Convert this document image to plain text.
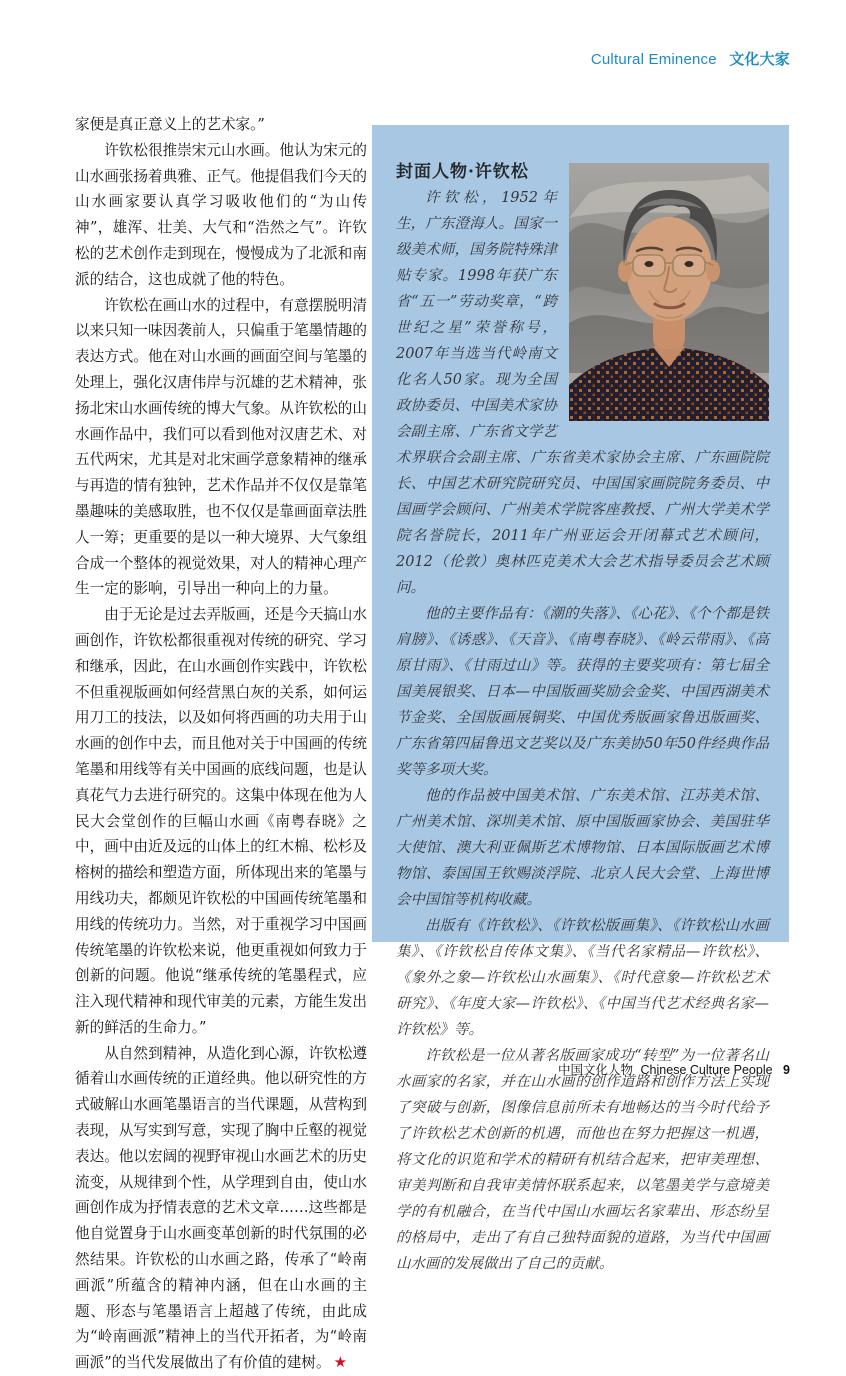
Cultural Eminence 文化大家

家便是真正意义上的艺术家。”

许钦松很推崇宋元山水画。他认为宋元的山水画张扬着典雅、正气。他提倡我们今天的山水画家要认真学习吸收他们的“为山传神”，雄浑、壮美、大气和“浩然之气”。许钦松的艺术创作走到现在，慢慢成为了北派和南派的结合，这也成就了他的特色。

许钦松在画山水的过程中，有意摆脱明清以来只知一味因袭前人，只偏重于笔墨情趣的表达方式。他在对山水画的画面空间与笔墨的处理上，强化汉唐伟岸与沉雄的艺术精神，张扬北宋山水画传统的博大气象。从许钦松的山水画作品中，我们可以看到他对汉唐艺术、对五代两宋，尤其是对北宋画学意象精神的继承与再造的情有独钟，艺术作品并不仅仅是靠笔墨趣味的美感取胜，也不仅仅是靠画面章法胜人一筹；更重要的是以一种大境界、大气象组合成一个整体的视觉效果，对人的精神心理产生一定的影响，引导出一种向上的力量。

由于无论是过去弄版画，还是今天搞山水画创作，许钦松都很重视对传统的研究、学习和继承，因此，在山水画创作实践中，许钦松不但重视版画如何经营黑白灰的关系，如何运用刀工的技法，以及如何将西画的功夫用于山水画的创作中去，而且他对关于中国画的传统笔墨和用线等有关中国画的底线问题，也是认真花气力去进行研究的。这集中体现在他为人民大会堂创作的巨幅山水画《南粤春晓》之中，画中由近及远的山体上的红木棉、松杉及榕树的描绘和塑造方面，所体现出来的笔墨与用线功夫，都颇见许钦松的中国画传统笔墨和用线的传统功力。当然，对于重视学习中国画传统笔墨的许钦松来说，他更重视如何致力于创新的问题。他说“继承传统的笔墨程式，应注入现代精神和现代审美的元素，方能生发出新的鲜活的生命力。”

从自然到精神，从造化到心源，许钦松遵循着山水画传统的正道经典。他以研究性的方式破解山水画笔墨语言的当代课题，从营构到表现，从写实到写意，实现了胸中丘壑的视觉表达。他以宏阔的视野审视山水画艺术的历史流变，从规律到个性，从学理到自由，使山水画创作成为抒情表意的艺术文章……这些都是他自觉置身于山水画变革创新的时代氛围的必然结果。许钦松的山水画之路，传承了“岭南画派”所蕴含的精神内涵，但在山水画的主题、形态与笔墨语言上超越了传统，由此成为“岭南画派”精神上的当代开拓者，为“岭南画派”的当代发展做出了有价值的建树。 ★

封面人物·许钦松

许钦松，1952年生，广东澄海人。国家一级美术师，国务院特殊津贴专家。1998年获广东省“五一”劳动奖章，“跨世纪之星”荣誉称号，2007年当选当代岭南文化名人50家。现为全国政协委员、中国美术家协会副主席、广东省文学艺术界联合会副主席、广东省美术家协会主席、广东画院院长、中国艺术研究院研究员、中国国家画院院务委员、中国画学会顾问、广州美术学院客座教授、广州大学美术学院名誉院长，2011年广州亚运会开闭幕式艺术顾问，2012（伦敦）奥林匹克美术大会艺术指导委员会艺术顾问。

他的主要作品有：《潮的失落》、《心花》、《个个都是铁肩膀》、《诱惑》、《天音》、《南粤春晓》、《岭云带雨》、《高原甘雨》、《甘雨过山》等。获得的主要奖项有：第七届全国美展银奖、日本—中国版画奖励会金奖、中国西湖美术节金奖、全国版画展铜奖、中国优秀版画家鲁迅版画奖、广东省第四届鲁迅文艺奖以及广东美协50年50件经典作品奖等多项大奖。

他的作品被中国美术馆、广东美术馆、江苏美术馆、广州美术馆、深圳美术馆、原中国版画家协会、美国驻华大使馆、澳大利亚佩斯艺术博物馆、日本国际版画艺术博物馆、泰国国王钦赐淡浮院、北京人民大会堂、上海世博会中国馆等机构收藏。

出版有《许钦松》、《许钦松版画集》、《许钦松山水画集》、《许钦松自传体文集》、《当代名家精品—许钦松》、《象外之象—许钦松山水画集》、《时代意象—许钦松艺术研究》、《年度大家—许钦松》、《中国当代艺术经典名家—许钦松》等。

许钦松是一位从著名版画家成功“转型”为一位著名山水画家的名家，并在山水画的创作道路和创作方法上实现了突破与创新，图像信息前所未有地畅达的当今时代给予了许钦松艺术创新的机遇，而他也在努力把握这一机遇，将文化的识览和学术的精研有机结合起来，把审美理想、审美判断和自我审美情怀联系起来，以笔墨美学与意境美学的有机融合，在当代中国山水画坛名家辈出、形态纷呈的格局中，走出了有自己独特面貌的道路，为当代中国画山水画的发展做出了自己的贡献。

中国文化人物 Chinese Culture People 9
